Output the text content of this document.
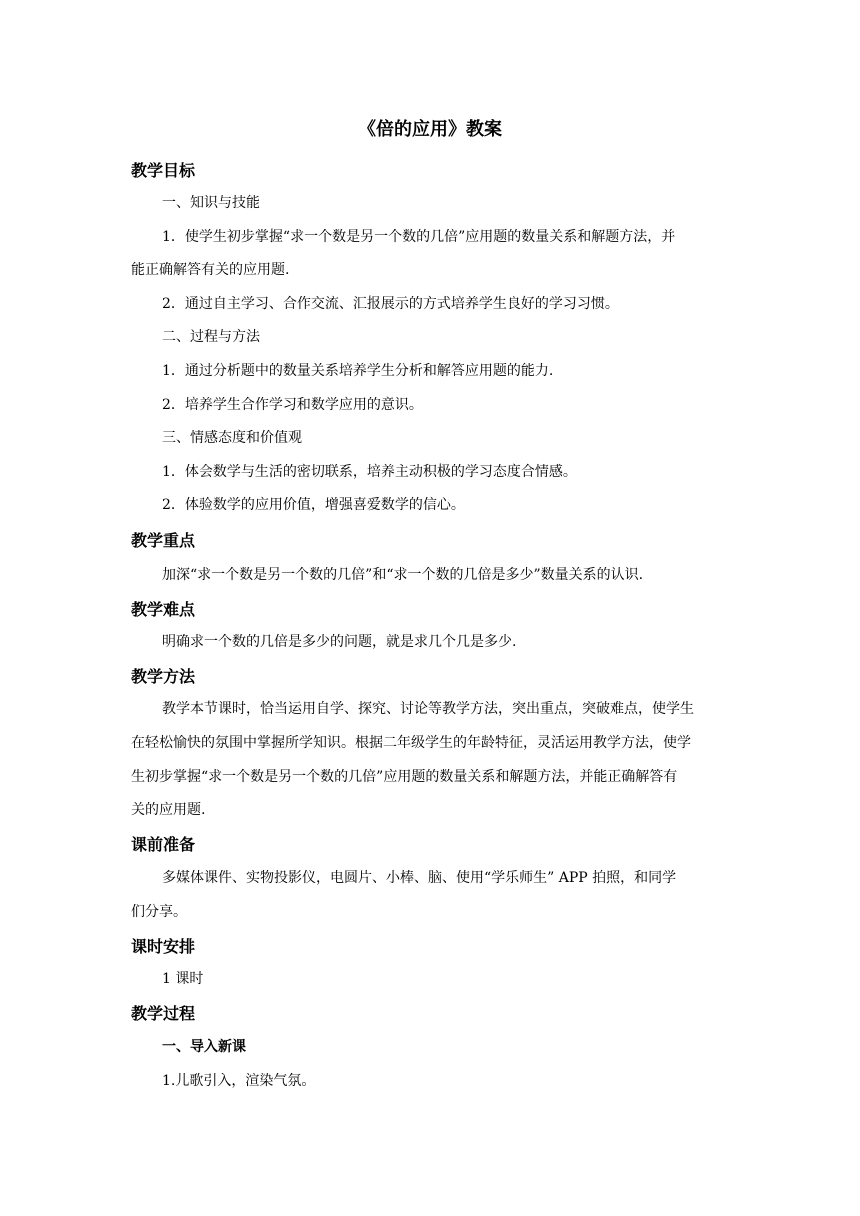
《倍的应用》教案
教学目标
一、知识与技能
1．使学生初步掌握“求一个数是另一个数的几倍”应用题的数量关系和解题方法，并
能正确解答有关的应用题.
2．通过自主学习、合作交流、汇报展示的方式培养学生良好的学习习惯。
二、过程与方法
1．通过分析题中的数量关系培养学生分析和解答应用题的能力.
2．培养学生合作学习和数学应用的意识。
三、情感态度和价值观
1．体会数学与生活的密切联系，培养主动积极的学习态度合情感。
2．体验数学的应用价值，增强喜爱数学的信心。
教学重点
加深“求一个数是另一个数的几倍”和“求一个数的几倍是多少”数量关系的认识.
教学难点
明确求一个数的几倍是多少的问题，就是求几个几是多少.
教学方法
教学本节课时，恰当运用自学、探究、讨论等教学方法，突出重点，突破难点，使学生
在轻松愉快的氛围中掌握所学知识。根据二年级学生的年龄特征，灵活运用教学方法，使学
生初步掌握“求一个数是另一个数的几倍”应用题的数量关系和解题方法，并能正确解答有
关的应用题.
课前准备
多媒体课件、实物投影仪，电圆片、小棒、脑、使用“学乐师生” APP 拍照，和同学
们分享。
课时安排
1 课时
教学过程
一、导入新课
1.儿歌引入，渲染气氛。
